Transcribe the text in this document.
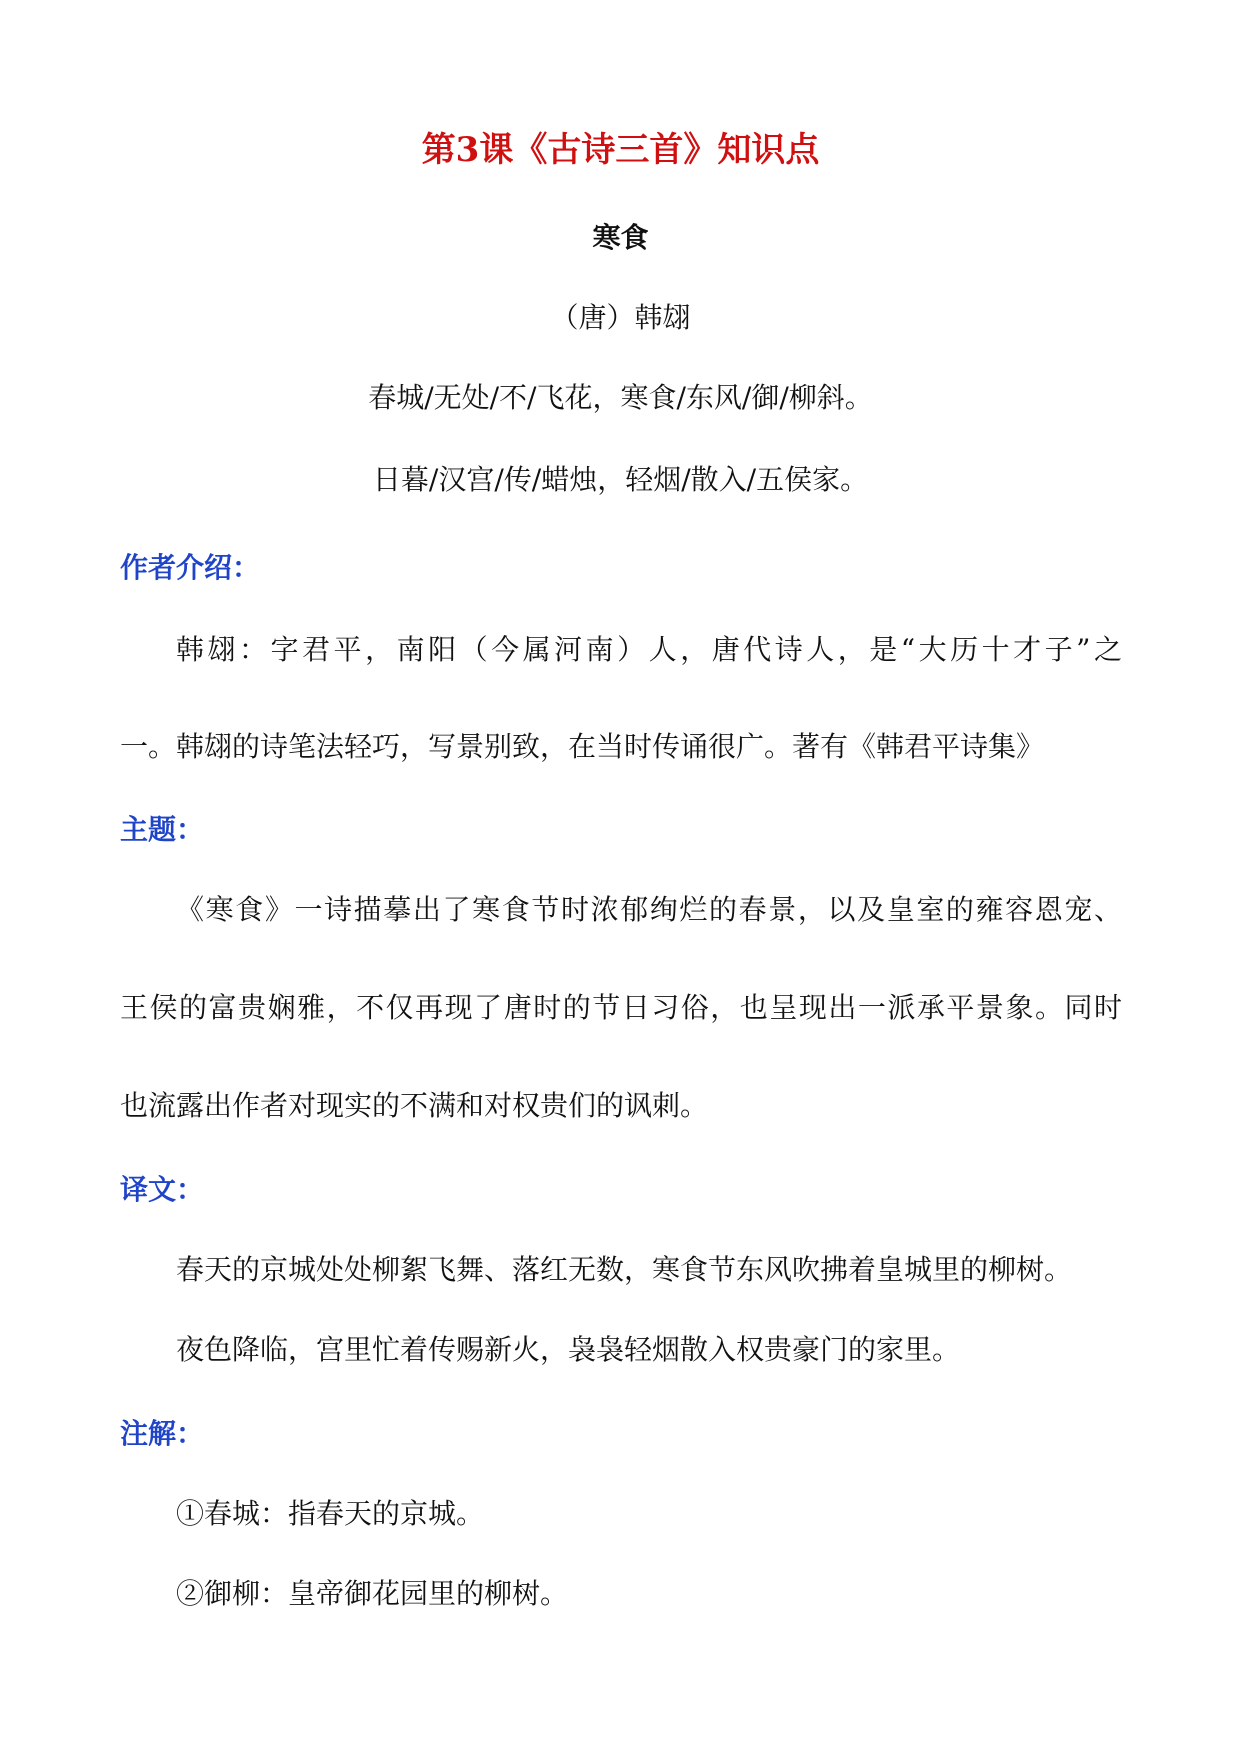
第3课《古诗三首》知识点
寒食
（唐）韩翃
春城/无处/不/飞花，寒食/东风/御/柳斜。
日暮/汉宫/传/蜡烛，轻烟/散入/五侯家。
作者介绍：
韩翃：字君平，南阳（今属河南）人，唐代诗人，是“大历十才子”之
一。韩翃的诗笔法轻巧，写景别致，在当时传诵很广。著有《韩君平诗集》
主题：
《寒食》一诗描摹出了寒食节时浓郁绚烂的春景，以及皇室的雍容恩宠、
王侯的富贵娴雅，不仅再现了唐时的节日习俗，也呈现出一派承平景象。同时
也流露出作者对现实的不满和对权贵们的讽刺。
译文：
春天的京城处处柳絮飞舞、落红无数，寒食节东风吹拂着皇城里的柳树。
夜色降临，宫里忙着传赐新火，袅袅轻烟散入权贵豪门的家里。
注解：
①春城：指春天的京城。
②御柳：皇帝御花园里的柳树。
